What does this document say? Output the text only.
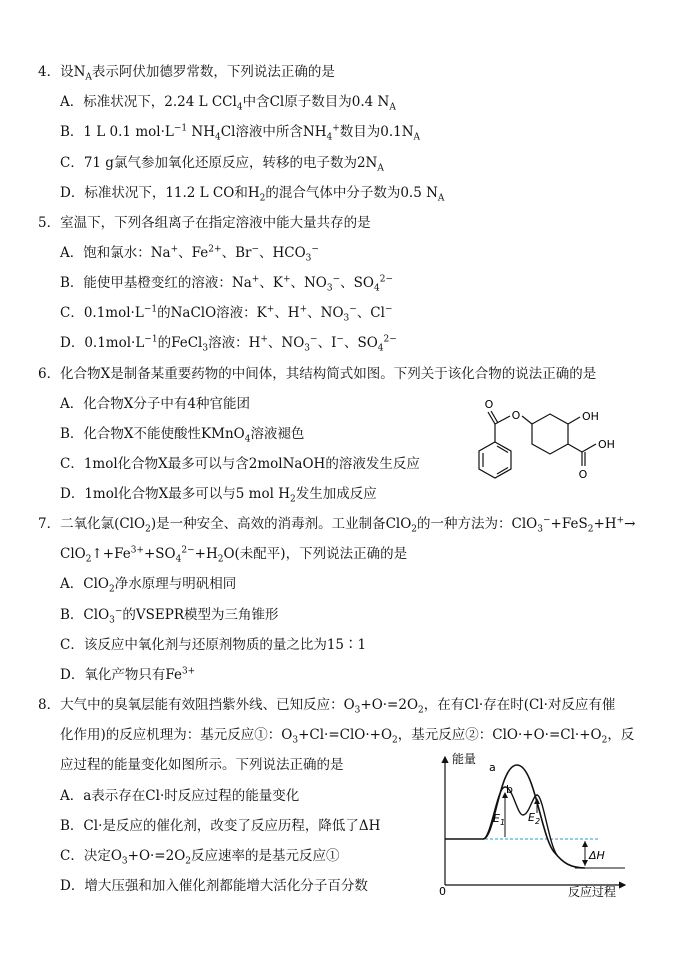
4．设$N_A$表示阿伏加德罗常数，下列说法正确的是
A．标准状况下，2.24 L CCl$_4$中含Cl原子数目为0.4 $N_A$
B．1 L 0.1 $mol\cdot L^{-1}$ $NH_4Cl$溶液中所含$NH_4^+$数目为$0.1N_A$
C．71 g氯气参加氧化还原反应，转移的电子数为$2N_A$
D．标准状况下，11.2 L CO和$H_2$的混合气体中分子数为0.5 $N_A$
5．室温下，下列各组离子在指定溶液中能大量共存的是
A．饱和氯水：Na+、$Fe^{2+}$、Br−、$HCO_3^-$
B．能使甲基橙变红的溶液：Na+、K+、$NO_3^-$、$SO_4^{2-}$
C．$0.1mol\cdot L^{-1}$的NaClO溶液：K+、H+、$NO_3^-$、Cl−
D．$0.1mol\cdot L^{-1}$的FeCl$_3$溶液：H+、$NO_3^-$、I−、$SO_4^{2-}$
6．化合物X是制备某重要药物的中间体，其结构简式如图。下列关于该化合物的说法正确的是
A．化合物X分子中有4种官能团
B．化合物X不能使酸性KMnO$_4$溶液褪色
C．1mol化合物X最多可以与含2molNaOH的溶液发生反应
D．1mol化合物X最多可以与5 mol $H_2$发生加成反应
O
O	OH
O
OH
7．二氧化氯(ClO$_2$)是一种安全、高效的消毒剂。工业制备ClO$_2$的一种方法为：ClO$_3$−+FeS$_2$+H+→
$ClO_2↑+Fe^{3+}+SO_4^{2-}+H_2O$(未配平)，下列说法正确的是
A．ClO$_2$净水原理与明矾相同
B．ClO$_3$−的VSEPR模型为三角锥形
C．该反应中氧化剂与还原剂物质的量之比为15∶1
D．氧化产物只有$Fe^{3+}$
8．大气中的臭氧层能有效阻挡紫外线、已知反应：$O_3+O\cdot=2O_2$，在有Cl·存在时(Cl·对反应有催
化作用)的反应机理为：基元反应①：$O_3+Cl\cdot=ClO\cdot+O_2$，基元反应②：$ClO\cdot+O\cdot=Cl\cdot+O_2$，反
应过程的能量变化如图所示。下列说法正确的是
A．a表示存在Cl·时反应过程的能量变化
B．Cl·是反应的催化剂，改变了反应历程，降低了ΔH
C．决定$O_3+O\cdot=2O_2$反应速率的是基元反应①
D．增大压强和加入催化剂都能增大活化分子百分数
能量
反应过程
0
a
b
$E_1$ $E_2$
ΔH
